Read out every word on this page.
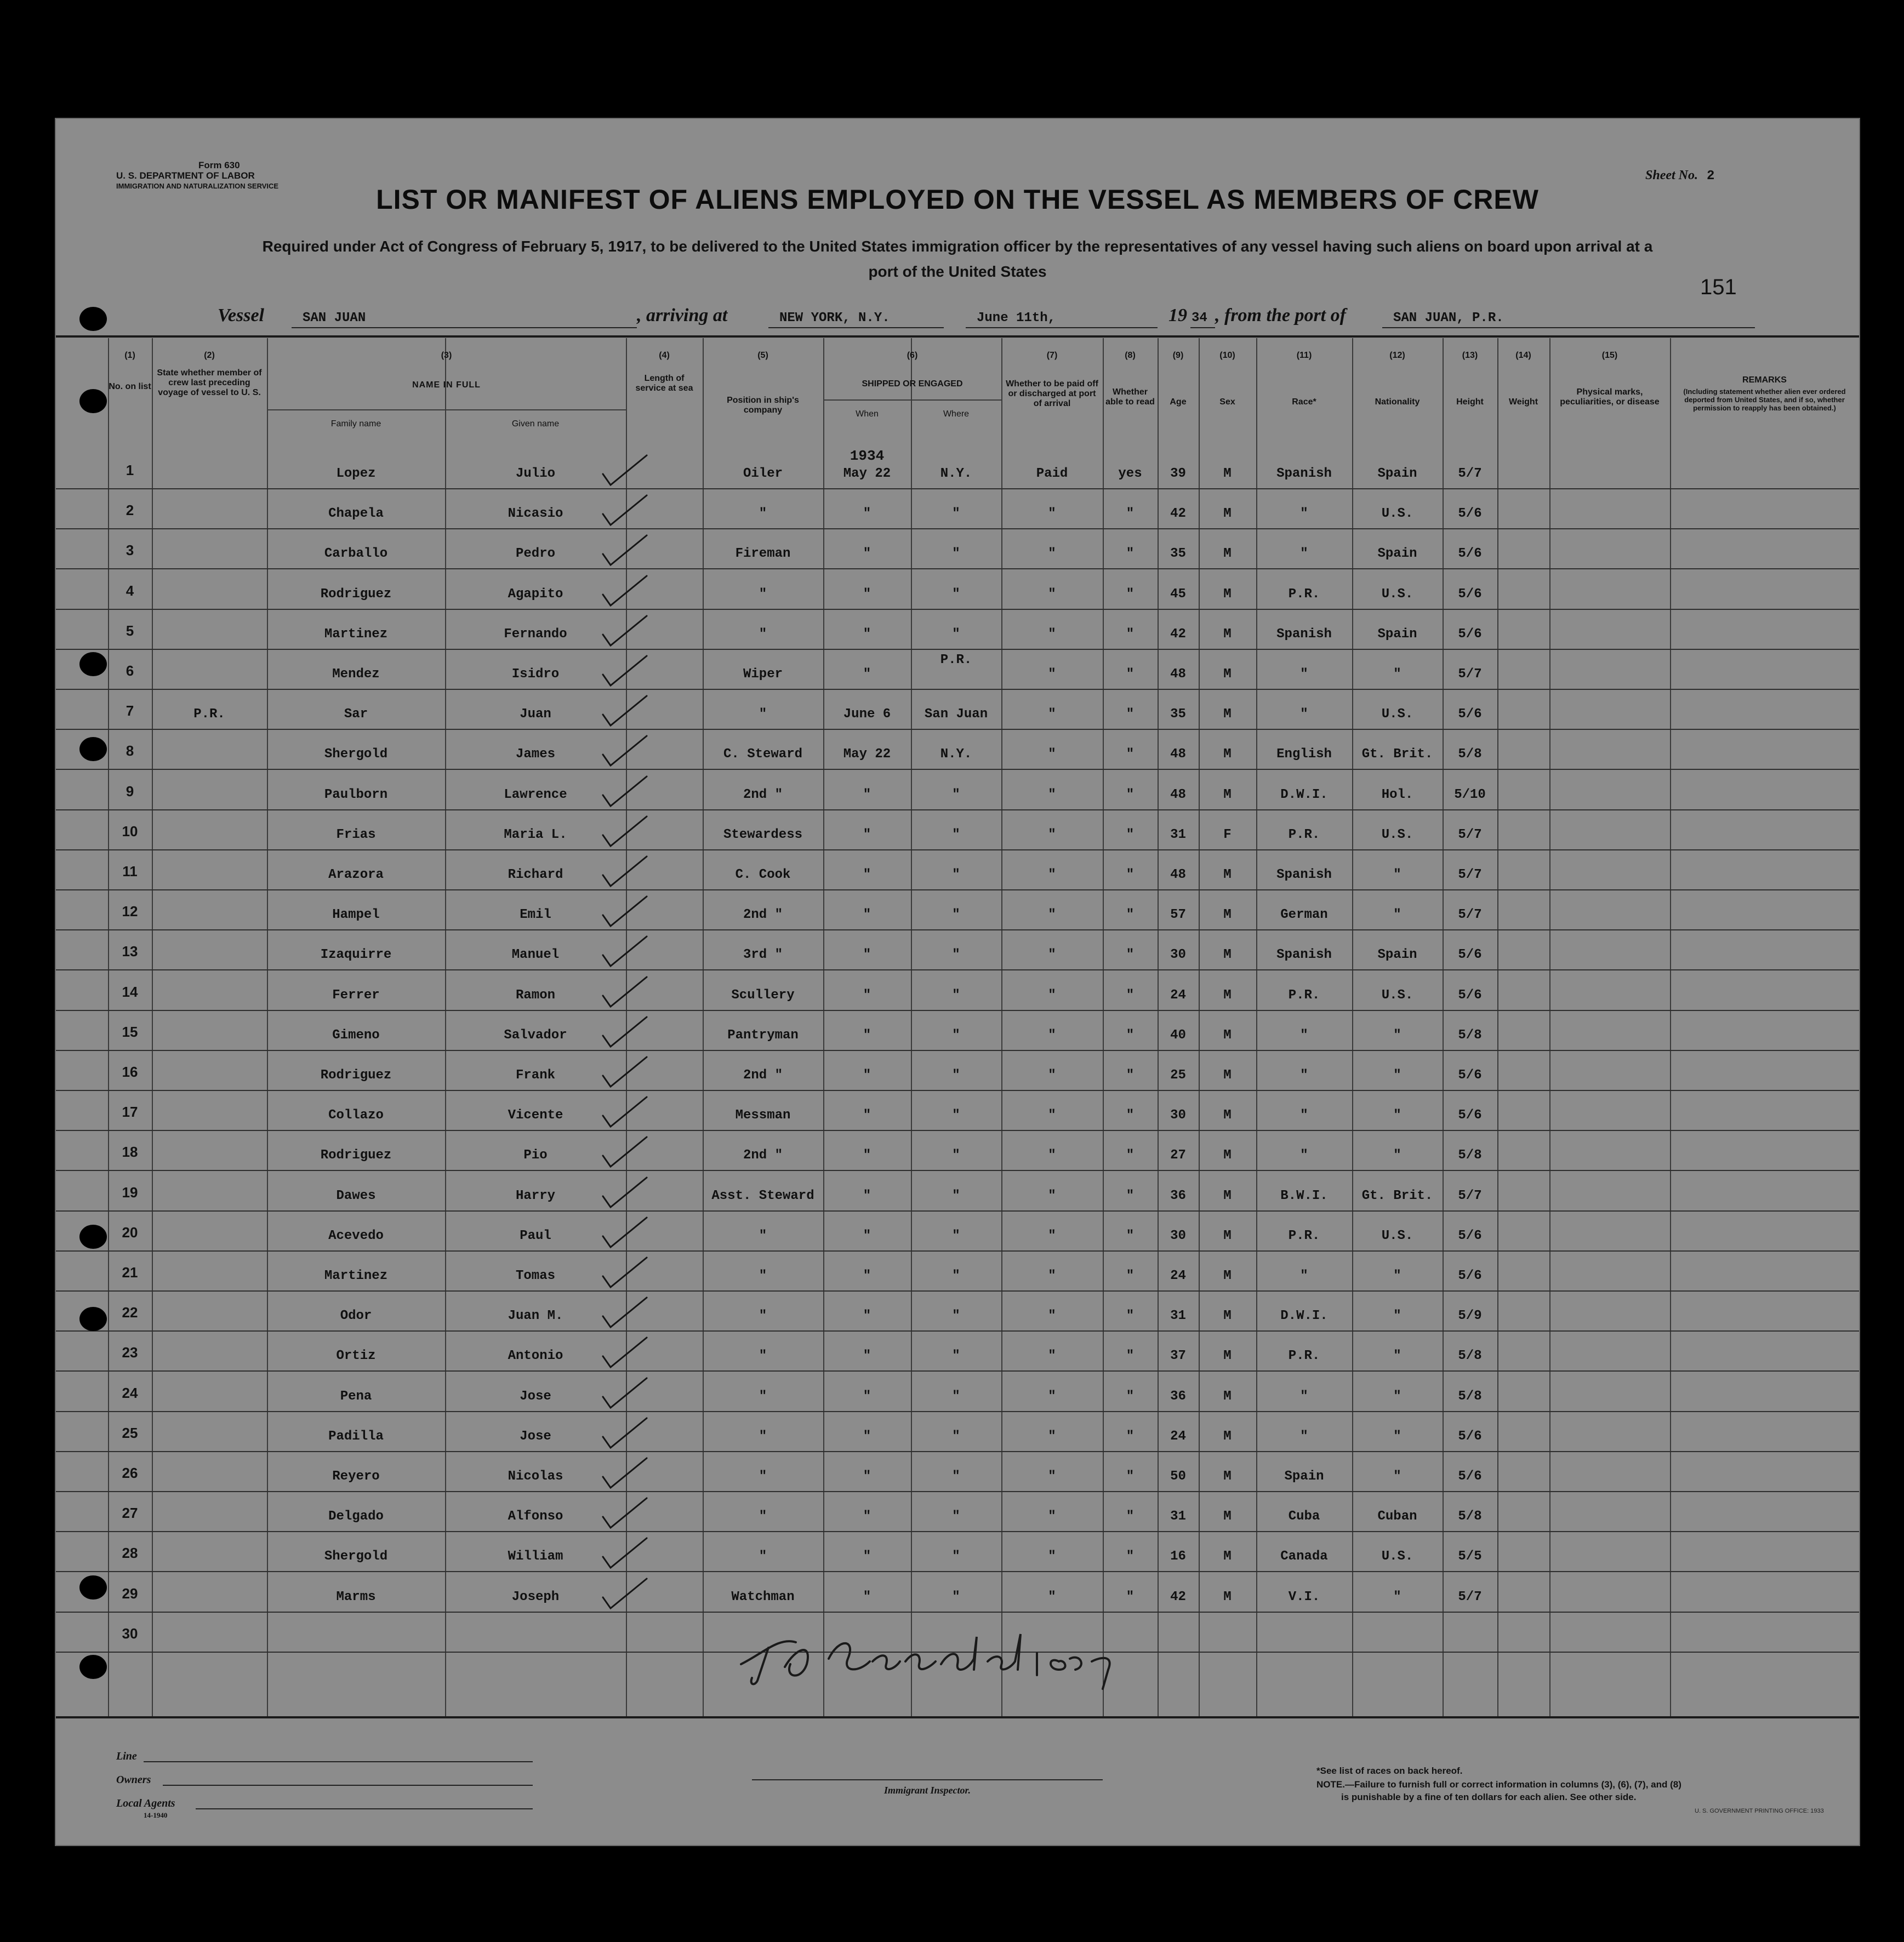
Form 630
U. S. DEPARTMENT OF LABOR
IMMIGRATION AND NATURALIZATION SERVICE
Sheet No. 2
LIST OR MANIFEST OF ALIENS EMPLOYED ON THE VESSEL AS MEMBERS OF CREW
Required under Act of Congress of February 5, 1917, to be delivered to the United States immigration officer by the representatives of any vessel having such aliens on board upon arrival at a
port of the United States
151
Vessel	SAN JUAN	, arriving at	NEW YORK, N.Y.	June 11th,	19 34 , from the port of	SAN JUAN, P.R.
(1)	(2)	(3)	(4)	(5)	(6)	(7)	(8)	(9)	(10)	(11)	(12)	(13)	(14)	(15)
No. on list
State whether member of crew last preceding voyage of vessel to U. S.
NAME IN FULL
Family name	Given name
Length of service at sea
Position in ship's company
SHIPPED OR ENGAGED
When	Where
Whether to be paid off or discharged at port of arrival
Whether able to read	Age	Sex	Race*	Nationality	Height	Weight
Physical marks, peculiarities, or disease
REMARKS
(Including statement whether alien ever ordered deported from United States, and if so, whether permission to reapply has been obtained.)
1934
1	Lopez	Julio	Oiler	May 22	N.Y.	Paid	yes	39	M	Spanish	Spain	5/7
2	Chapela	Nicasio	"	"	"	"	"	42	M	"	U.S.	5/6
3	Carballo	Pedro	Fireman	"	"	"	"	35	M	"	Spain	5/6
4	Rodriguez	Agapito	"	"	"	"	"	45	M	P.R.	U.S.	5/6
5	Martinez	Fernando	"	"	"	"	"	42	M	Spanish	Spain	5/6
6	Mendez	Isidro	Wiper	"
P.R.
"	"	48	M	"	"	5/7
7	P.R.	Sar	Juan	"	June 6	San Juan	"	"	35	M	"	U.S.	5/6
8	Shergold	James	C. Steward	May 22	N.Y.	"	"	48	M	English	Gt. Brit.	5/8
9	Paulborn	Lawrence	2nd "	"	"	"	"	48	M	D.W.I.	Hol.	5/10
10	Frias	Maria L.	Stewardess	"	"	"	"	31	F	P.R.	U.S.	5/7
11	Arazora	Richard	C. Cook	"	"	"	"	48	M	Spanish	"	5/7
12	Hampel	Emil	2nd "	"	"	"	"	57	M	German	"	5/7
13	Izaquirre	Manuel	3rd "	"	"	"	"	30	M	Spanish	Spain	5/6
14	Ferrer	Ramon	Scullery	"	"	"	"	24	M	P.R.	U.S.	5/6
15	Gimeno	Salvador	Pantryman	"	"	"	"	40	M	"	"	5/8
16	Rodriguez	Frank	2nd "	"	"	"	"	25	M	"	"	5/6
17	Collazo	Vicente	Messman	"	"	"	"	30	M	"	"	5/6
18	Rodriguez	Pio	2nd "	"	"	"	"	27	M	"	"	5/8
19	Dawes	Harry	Asst. Steward	"	"	"	"	36	M	B.W.I.	Gt. Brit.	5/7
20	Acevedo	Paul	"	"	"	"	"	30	M	P.R.	U.S.	5/6
21	Martinez	Tomas	"	"	"	"	"	24	M	"	"	5/6
22	Odor	Juan M.	"	"	"	"	"	31	M	D.W.I.	"	5/9
23	Ortiz	Antonio	"	"	"	"	"	37	M	P.R.	"	5/8
24	Pena	Jose	"	"	"	"	"	36	M	"	"	5/8
25	Padilla	Jose	"	"	"	"	"	24	M	"	"	5/6
26	Reyero	Nicolas	"	"	"	"	"	50	M	Spain	"	5/6
27	Delgado	Alfonso	"	"	"	"	"	31	M	Cuba	Cuban	5/8
28	Shergold	William	"	"	"	"	"	16	M	Canada	U.S.	5/5
29	Marms	Joseph	Watchman	"	"	"	"	42	M	V.I.	"	5/7
30
Line
Owners
Local Agents
14-1940
Immigrant Inspector.
*See list of races on back hereof.
NOTE.—Failure to furnish full or correct information in columns (3), (6), (7), and (8)
is punishable by a fine of ten dollars for each alien. See other side.
U. S. GOVERNMENT PRINTING OFFICE: 1933
